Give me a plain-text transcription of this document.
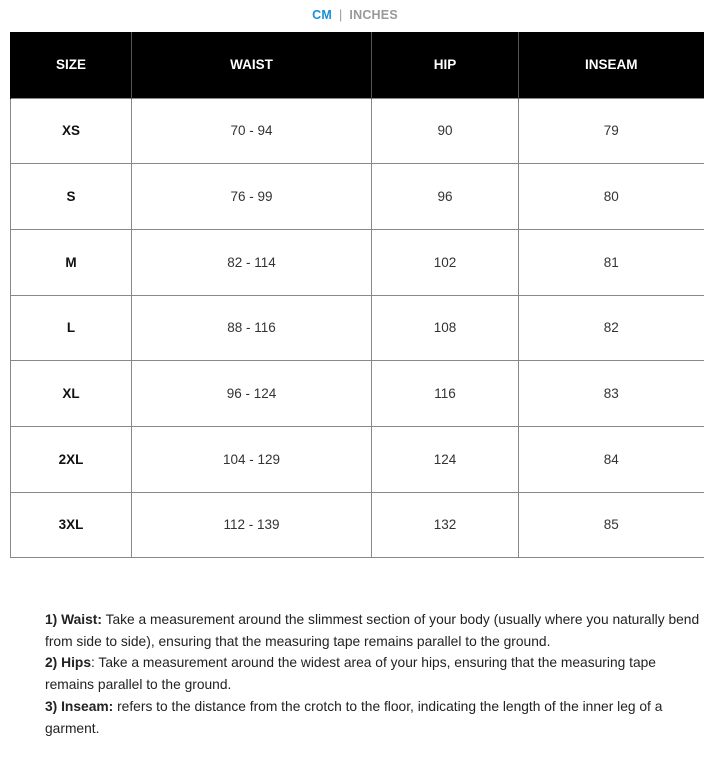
CM | INCHES
SIZE	WAIST	HIP	INSEAM
XS	70 - 94	90	79
S	76 - 99	96	80
M	82 - 114	102	81
L	88 - 116	108	82
XL	96 - 124	116	83
2XL	104 - 129	124	84
3XL	112 - 139	132	85
1) Waist: Take a measurement around the slimmest section of your body (usually where you naturally bend from side to side), ensuring that the measuring tape remains parallel to the ground.
2) Hips: Take a measurement around the widest area of your hips, ensuring that the measuring tape remains parallel to the ground.
3) Inseam: refers to the distance from the crotch to the floor, indicating the length of the inner leg of a garment.
